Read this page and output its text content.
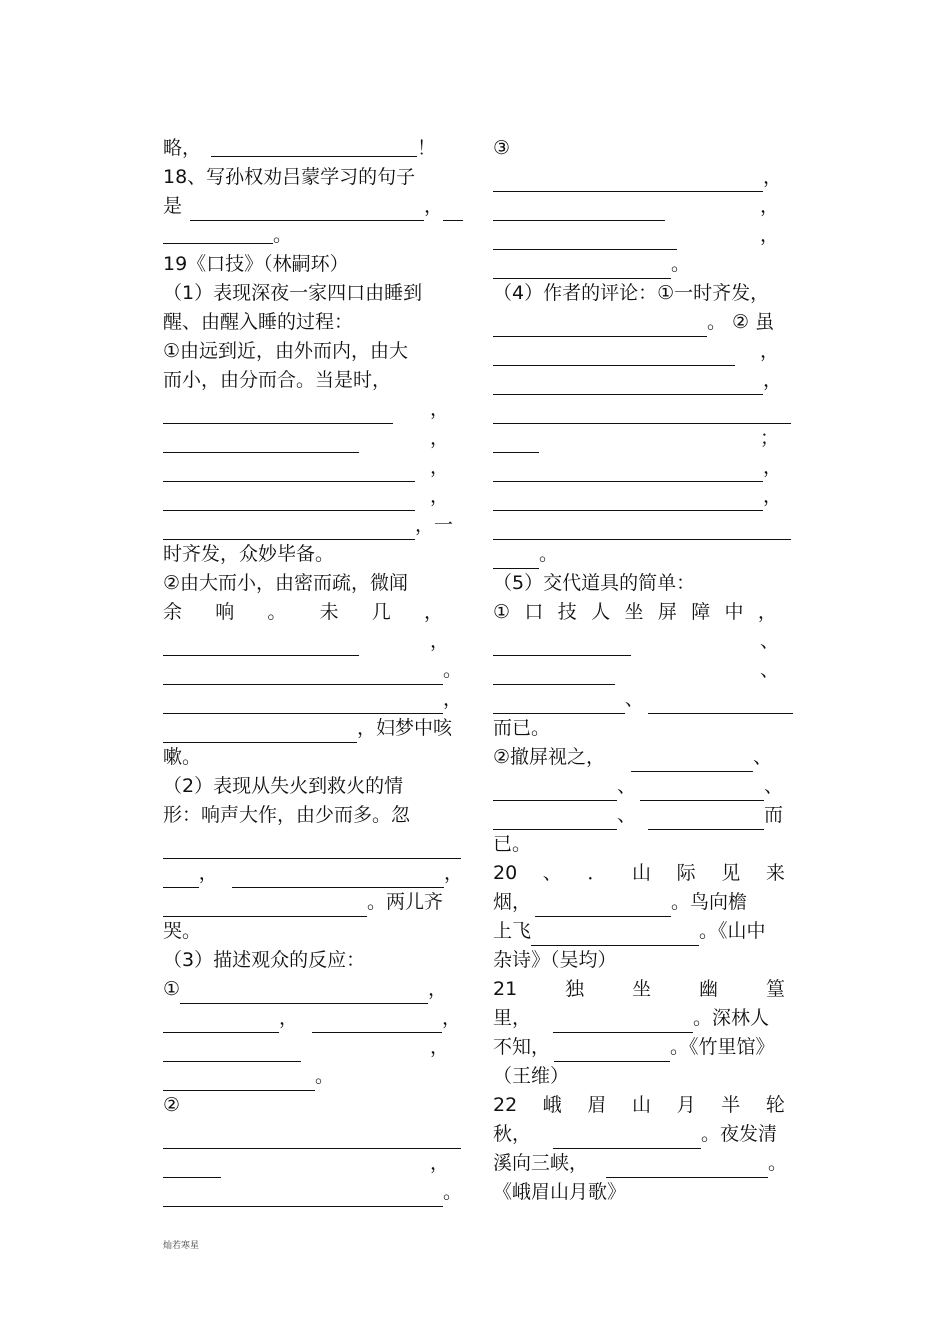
略，	！
18、写孙权劝吕蒙学习的句子
是	，
。
19《口技》（林嗣环）
（1）表现深夜一家四口由睡到
醒、由醒入睡的过程：
①由远到近，由外而内，由大
而小，由分而合。当是时，
，
，
，
，
，一
时齐发，众妙毕备。
②由大而小，由密而疏，微闻
余 响 。 未 几 ，
，
。
，
，妇梦中咳
嗽。
（2）表现从失火到救火的情
形：响声大作，由少而多。忽
，	，
。两儿齐
哭。
（3）描述观众的反应：
①	，
，	，
，
。
②
，
。
③
，
，
，
。
（4）作者的评论：①一时齐发，
。 ② 虽
，
，
；
，
，
。
（5）交代道具的简单：
① 口 技 人 坐 屏 障 中 ，
、
、
、
而已。
②撤屏视之，	、
、	、
、	而
已。
20 、 ． 山 际 见 来
烟，	。鸟向檐
上飞	。《山中
杂诗》（吴均）
21	独	坐	幽	篁
里，	。深林人
不知，	。《竹里馆》
（王维）
22 峨 眉 山 月 半 轮
秋，	。夜发清
溪向三峡，	。
《峨眉山月歌》
灿若寒星
